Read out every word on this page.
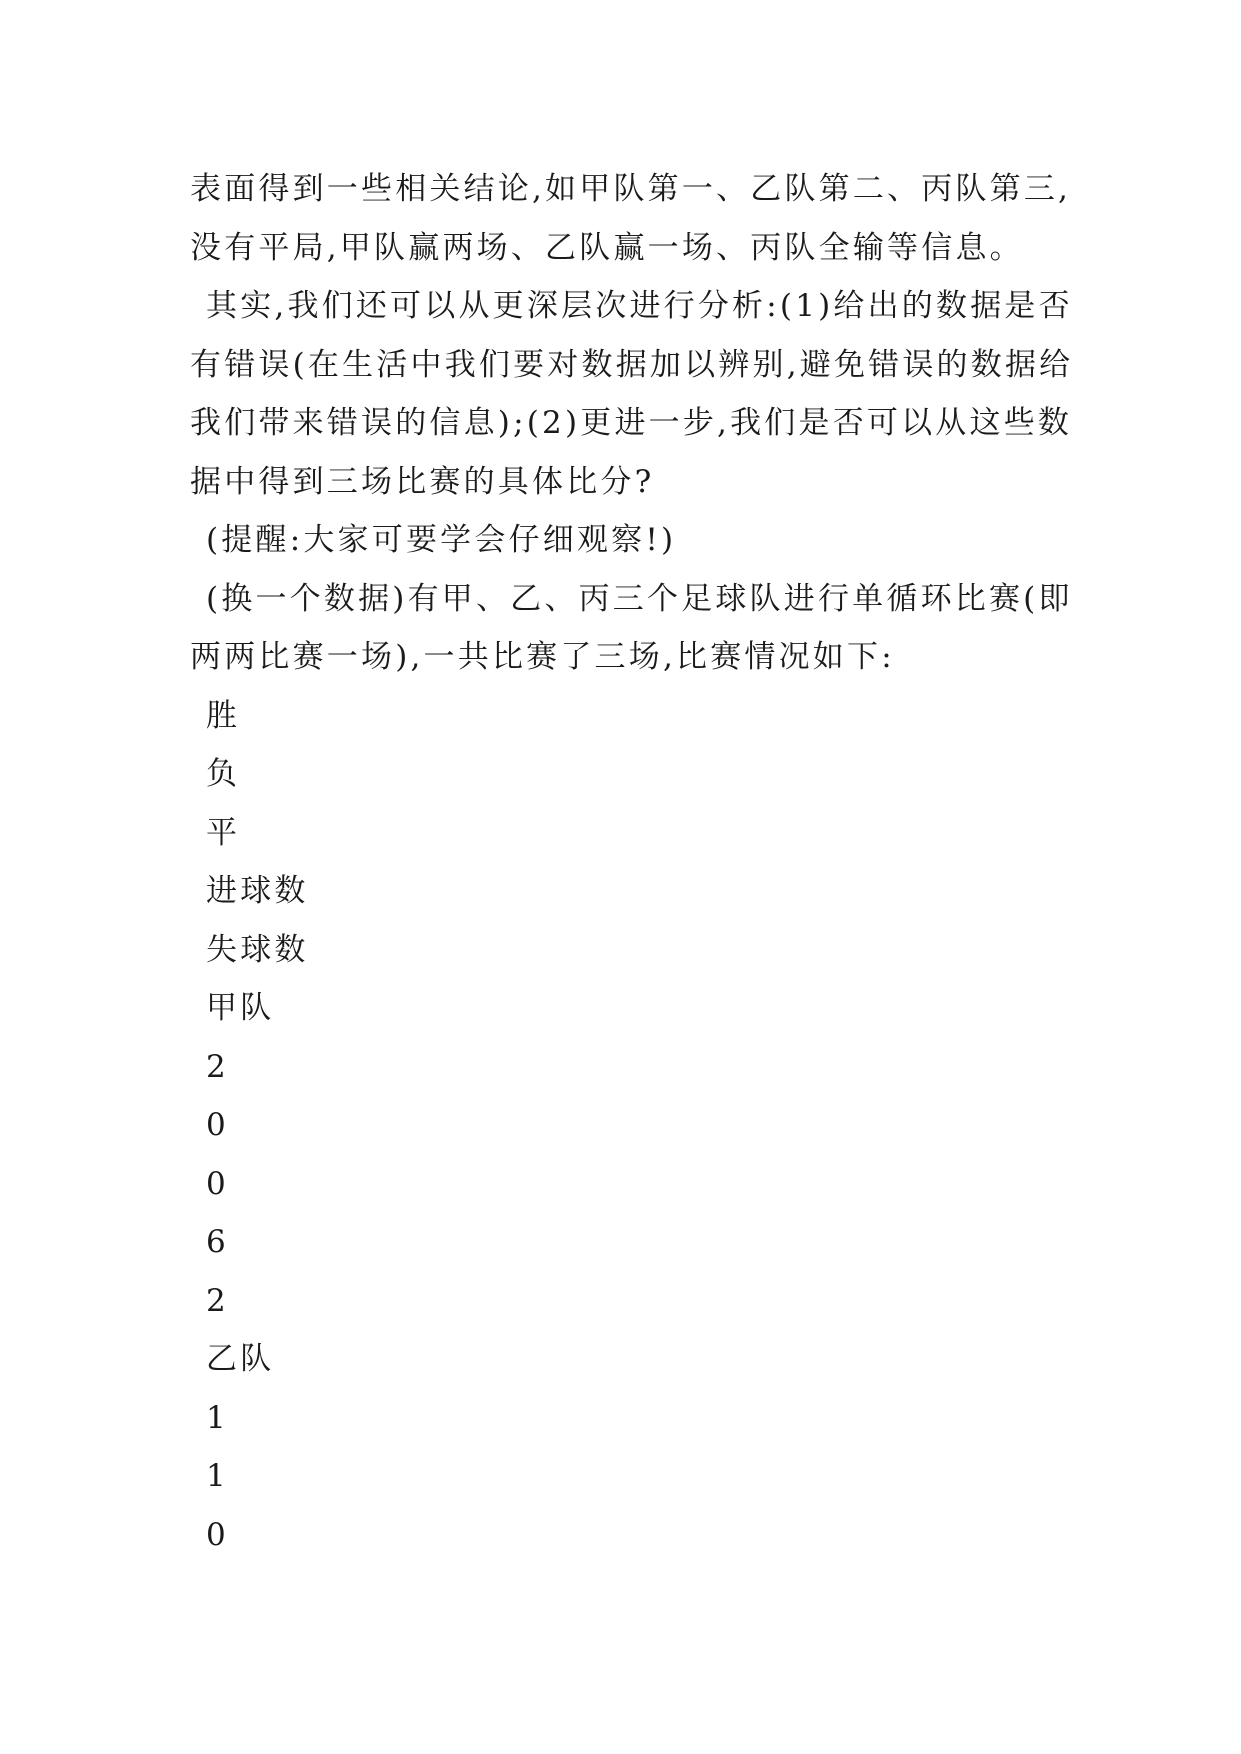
表面得到一些相关结论,如甲队第一、乙队第二、丙队第三,
没有平局,甲队赢两场、乙队赢一场、丙队全输等信息。
其实,我们还可以从更深层次进行分析:(1)给出的数据是否
有错误(在生活中我们要对数据加以辨别,避免错误的数据给
我们带来错误的信息);(2)更进一步,我们是否可以从这些数
据中得到三场比赛的具体比分?
(提醒:大家可要学会仔细观察!)
(换一个数据)有甲、乙、丙三个足球队进行单循环比赛(即
两两比赛一场),一共比赛了三场,比赛情况如下:
胜
负
平
进球数
失球数
甲队
2
0
0
6
2
乙队
1
1
0
